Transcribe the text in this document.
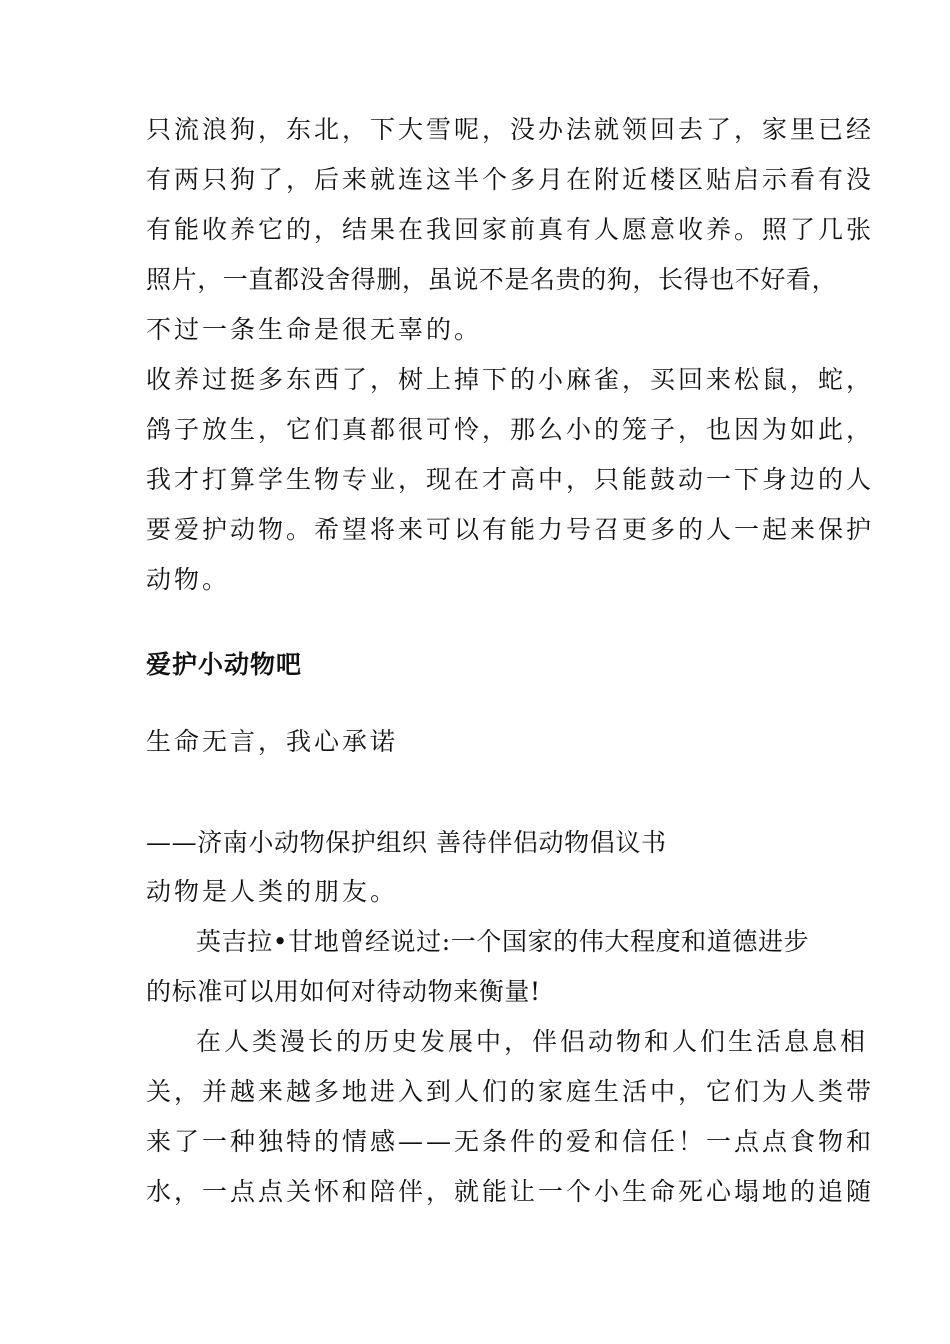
只流浪狗，东北，下大雪呢，没办法就领回去了，家里已经
有两只狗了，后来就连这半个多月在附近楼区贴启示看有没
有能收养它的，结果在我回家前真有人愿意收养。照了几张
照片，一直都没舍得删，虽说不是名贵的狗，长得也不好看，
不过一条生命是很无辜的。
收养过挺多东西了，树上掉下的小麻雀，买回来松鼠，蛇，
鸽子放生，它们真都很可怜，那么小的笼子，也因为如此，
我才打算学生物专业，现在才高中，只能鼓动一下身边的人
要爱护动物。希望将来可以有能力号召更多的人一起来保护
动物。
爱护小动物吧
生命无言，我心承诺
——济南小动物保护组织 善待伴侣动物倡议书
动物是人类的朋友。
英吉拉•甘地曾经说过:一个国家的伟大程度和道德进步
的标准可以用如何对待动物来衡量!
在人类漫长的历史发展中，伴侣动物和人们生活息息相
关，并越来越多地进入到人们的家庭生活中，它们为人类带
来了一种独特的情感——无条件的爱和信任！一点点食物和
水，一点点关怀和陪伴，就能让一个小生命死心塌地的追随
